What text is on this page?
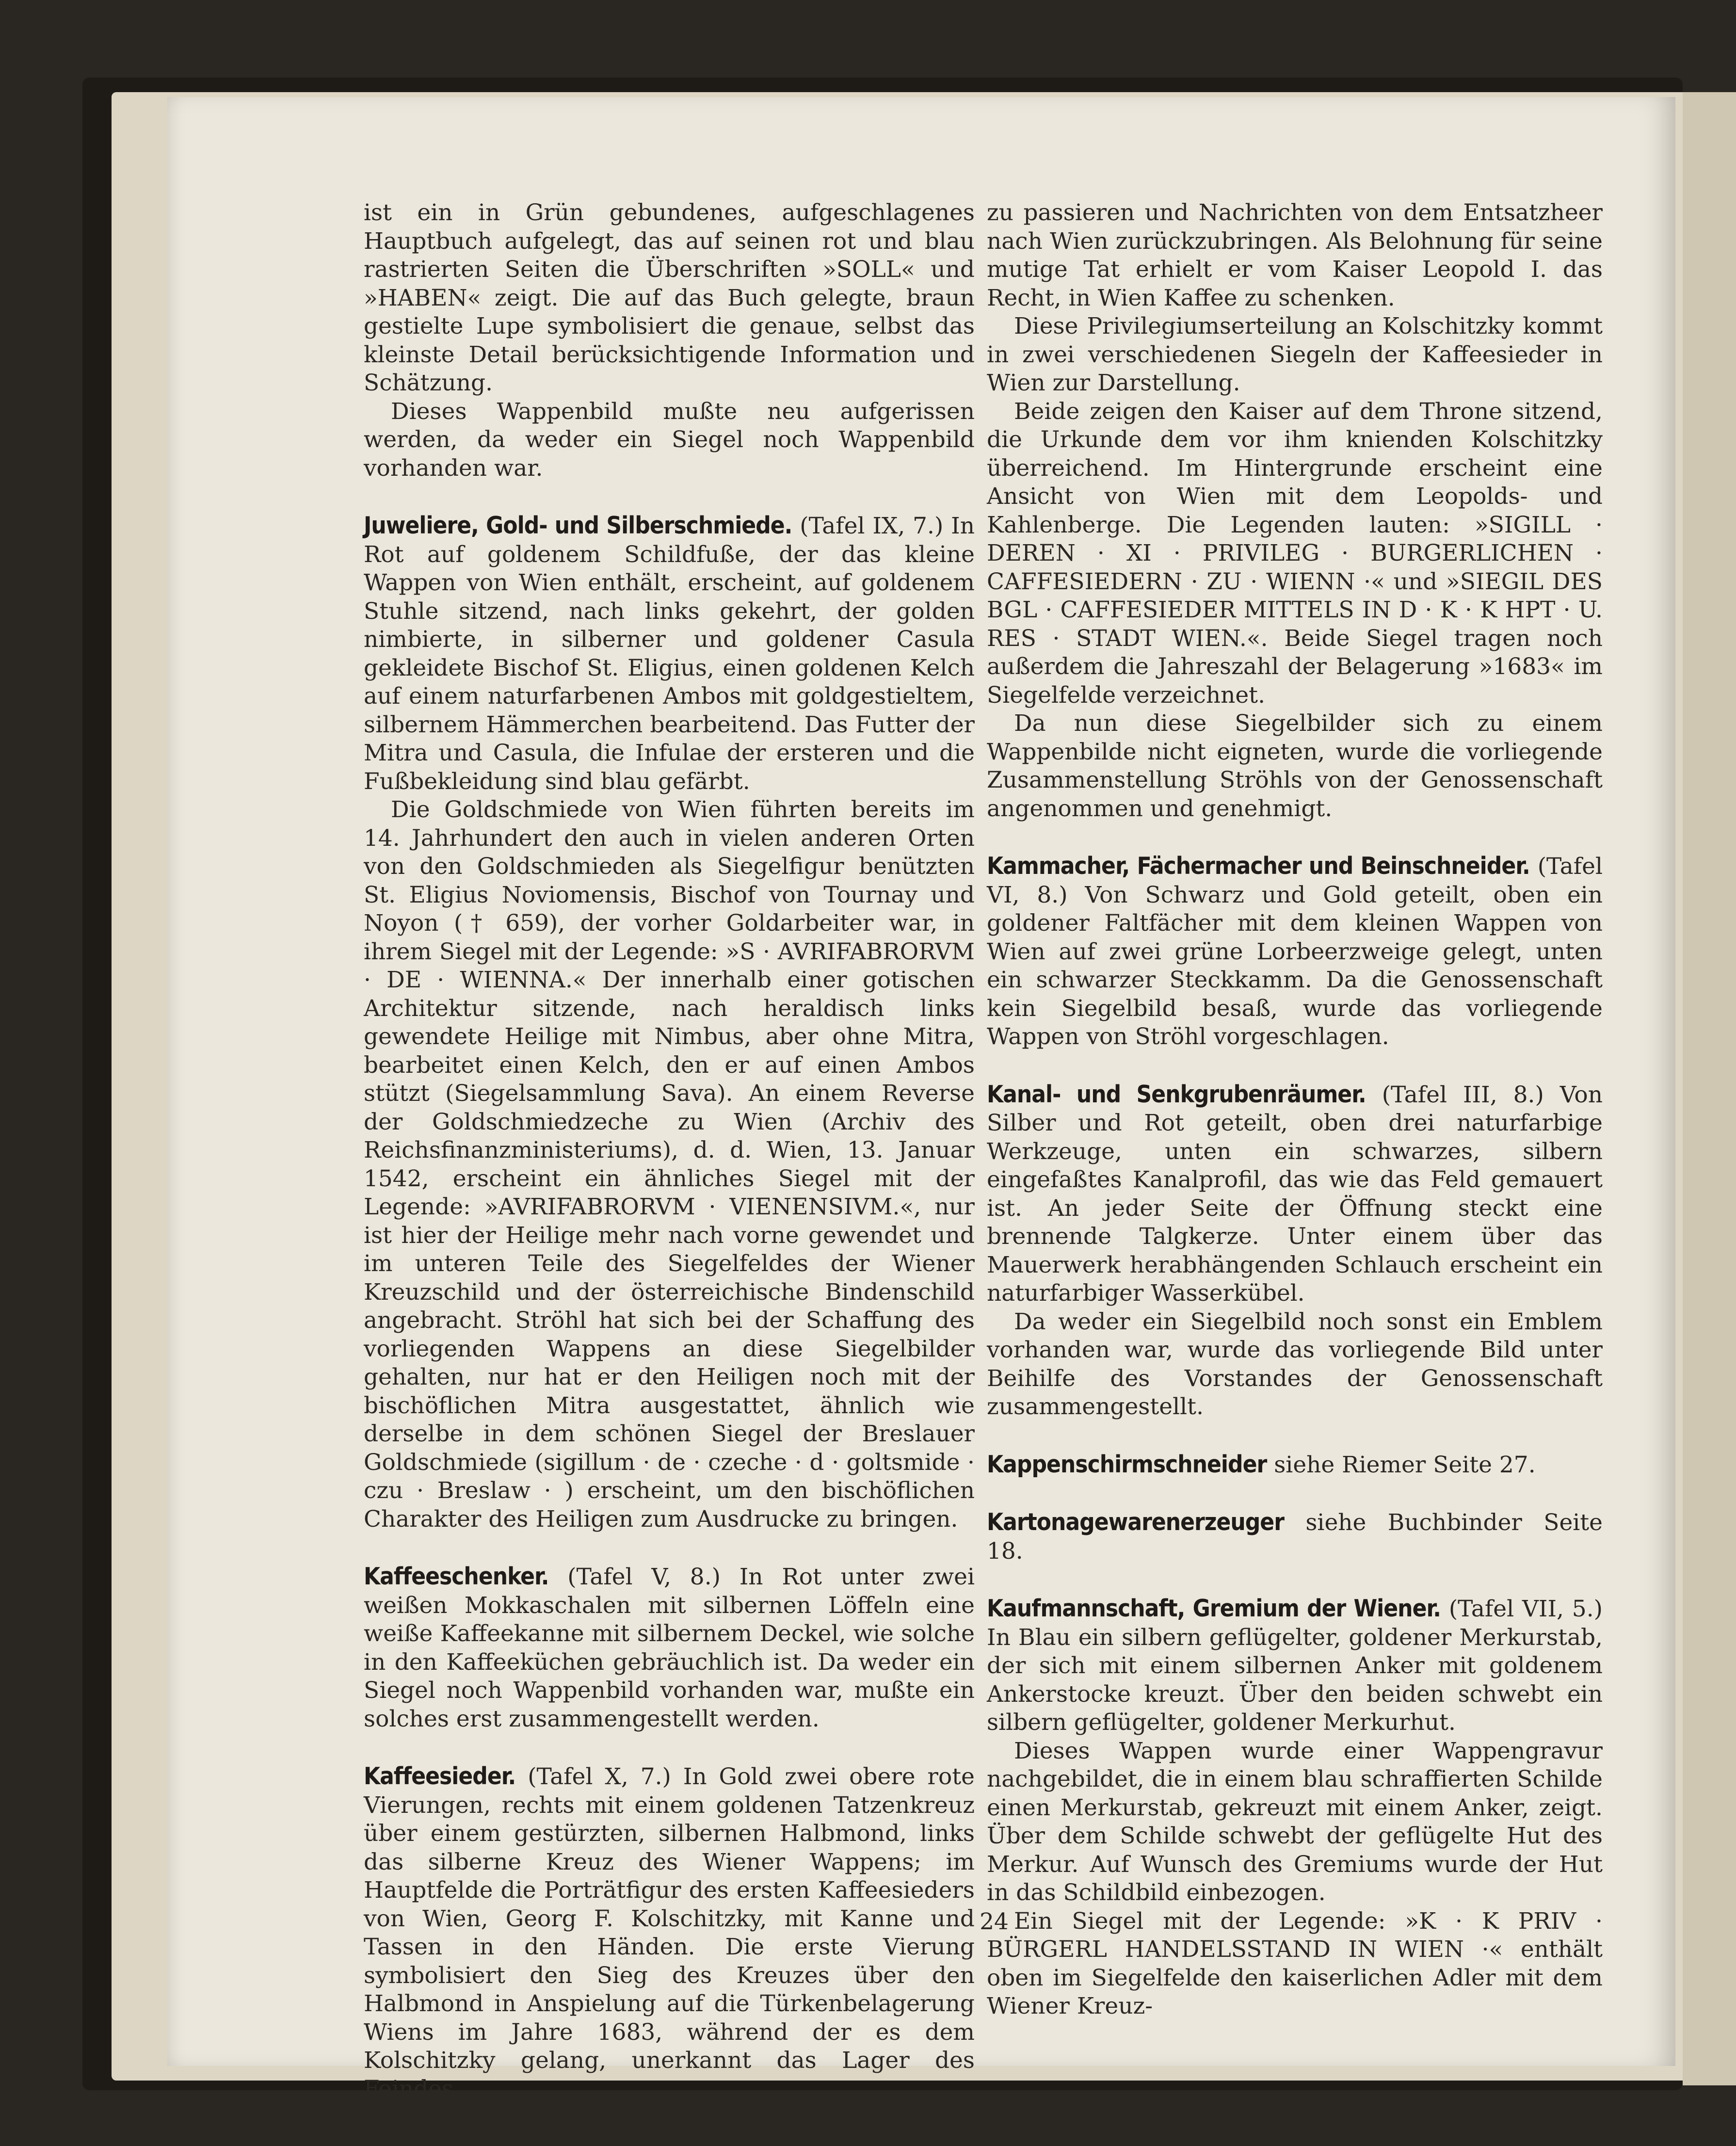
ist ein in Grün gebundenes, aufgeschlagenes Hauptbuch aufgelegt, das auf seinen rot und blau rastrierten Seiten die Überschriften »SOLL« und »HABEN« zeigt. Die auf das Buch gelegte, braun gestielte Lupe symbolisiert die genaue, selbst das kleinste Detail berücksichtigende Information und Schätzung.

Dieses Wappenbild mußte neu aufgerissen werden, da weder ein Siegel noch Wappenbild vorhanden war.

Juweliere, Gold- und Silberschmiede. (Tafel IX, 7.) In Rot auf goldenem Schildfuße, der das kleine Wappen von Wien enthält, erscheint, auf goldenem Stuhle sitzend, nach links gekehrt, der golden nimbierte, in silberner und goldener Casula gekleidete Bischof St. Eligius, einen goldenen Kelch auf einem naturfarbenen Ambos mit goldgestieltem, silbernem Hämmerchen bearbeitend. Das Futter der Mitra und Casula, die Infulae der ersteren und die Fußbekleidung sind blau gefärbt.

Die Goldschmiede von Wien führten bereits im 14. Jahrhundert den auch in vielen anderen Orten von den Goldschmieden als Siegelfigur benützten St. Eligius Noviomensis, Bischof von Tournay und Noyon († 659), der vorher Goldarbeiter war, in ihrem Siegel mit der Legende: »S · AVRIFABRORVM · DE · WIENNA.« Der innerhalb einer gotischen Architektur sitzende, nach heraldisch links gewendete Heilige mit Nimbus, aber ohne Mitra, bearbeitet einen Kelch, den er auf einen Ambos stützt (Siegelsammlung Sava). An einem Reverse der Goldschmiedzeche zu Wien (Archiv des Reichsfinanzministeriums), d. d. Wien, 13. Januar 1542, erscheint ein ähnliches Siegel mit der Legende: »AVRIFABRORVM · VIENENSIVM.«, nur ist hier der Heilige mehr nach vorne gewendet und im unteren Teile des Siegelfeldes der Wiener Kreuzschild und der österreichische Bindenschild angebracht. Ströhl hat sich bei der Schaffung des vorliegenden Wappens an diese Siegelbilder gehalten, nur hat er den Heiligen noch mit der bischöflichen Mitra ausgestattet, ähnlich wie derselbe in dem schönen Siegel der Breslauer Goldschmiede (sigillum · de · czeche · d · goltsmide · czu · Breslaw · ) erscheint, um den bischöflichen Charakter des Heiligen zum Ausdrucke zu bringen.

Kaffeeschenker. (Tafel V, 8.) In Rot unter zwei weißen Mokkaschalen mit silbernen Löffeln eine weiße Kaffeekanne mit silbernem Deckel, wie solche in den Kaffeeküchen gebräuchlich ist. Da weder ein Siegel noch Wappenbild vorhanden war, mußte ein solches erst zusammengestellt werden.

Kaffeesieder. (Tafel X, 7.) In Gold zwei obere rote Vierungen, rechts mit einem goldenen Tatzenkreuz über einem gestürzten, silbernen Halbmond, links das silberne Kreuz des Wiener Wappens; im Hauptfelde die Porträtfigur des ersten Kaffeesieders von Wien, Georg F. Kolschitzky, mit Kanne und Tassen in den Händen. Die erste Vierung symbolisiert den Sieg des Kreuzes über den Halbmond in Anspielung auf die Türkenbelagerung Wiens im Jahre 1683, während der es dem Kolschitzky gelang, unerkannt das Lager des Feindes

zu passieren und Nachrichten von dem Entsatzheer nach Wien zurückzubringen. Als Belohnung für seine mutige Tat erhielt er vom Kaiser Leopold I. das Recht, in Wien Kaffee zu schenken.

Diese Privilegiumserteilung an Kolschitzky kommt in zwei verschiedenen Siegeln der Kaffeesieder in Wien zur Darstellung.

Beide zeigen den Kaiser auf dem Throne sitzend, die Urkunde dem vor ihm knienden Kolschitzky überreichend. Im Hintergrunde erscheint eine Ansicht von Wien mit dem Leopolds- und Kahlenberge. Die Legenden lauten: »SIGILL · DEREN · XI · PRIVILEG · BURGERLICHEN · CAFFESIEDERN · ZU · WIENN ·« und »SIEGIL DES BGL · CAFFESIEDER MITTELS IN D · K · K HPT · U. RES · STADT WIEN.«. Beide Siegel tragen noch außerdem die Jahreszahl der Belagerung »1683« im Siegelfelde verzeichnet.

Da nun diese Siegelbilder sich zu einem Wappenbilde nicht eigneten, wurde die vorliegende Zusammenstellung Ströhls von der Genossenschaft angenommen und genehmigt.

Kammacher, Fächermacher und Beinschneider. (Tafel VI, 8.) Von Schwarz und Gold geteilt, oben ein goldener Faltfächer mit dem kleinen Wappen von Wien auf zwei grüne Lorbeerzweige gelegt, unten ein schwarzer Steckkamm. Da die Genossenschaft kein Siegelbild besaß, wurde das vorliegende Wappen von Ströhl vorgeschlagen.

Kanal- und Senkgrubenräumer. (Tafel III, 8.) Von Silber und Rot geteilt, oben drei naturfarbige Werkzeuge, unten ein schwarzes, silbern eingefaßtes Kanalprofil, das wie das Feld gemauert ist. An jeder Seite der Öffnung steckt eine brennende Talgkerze. Unter einem über das Mauerwerk herabhängenden Schlauch erscheint ein naturfarbiger Wasserkübel.

Da weder ein Siegelbild noch sonst ein Emblem vorhanden war, wurde das vorliegende Bild unter Beihilfe des Vorstandes der Genossenschaft zusammengestellt.

Kappenschirmschneider siehe Riemer Seite 27.

Kartonagewarenerzeuger siehe Buchbinder Seite 18.

Kaufmannschaft, Gremium der Wiener. (Tafel VII, 5.) In Blau ein silbern geflügelter, goldener Merkurstab, der sich mit einem silbernen Anker mit goldenem Ankerstocke kreuzt. Über den beiden schwebt ein silbern geflügelter, goldener Merkurhut.

Dieses Wappen wurde einer Wappengravur nachgebildet, die in einem blau schraffierten Schilde einen Merkurstab, gekreuzt mit einem Anker, zeigt. Über dem Schilde schwebt der geflügelte Hut des Merkur. Auf Wunsch des Gremiums wurde der Hut in das Schildbild einbezogen.

Ein Siegel mit der Legende: »K · K PRIV · BÜRGERL HANDELSSTAND IN WIEN ·« enthält oben im Siegelfelde den kaiserlichen Adler mit dem Wiener Kreuz-

24
